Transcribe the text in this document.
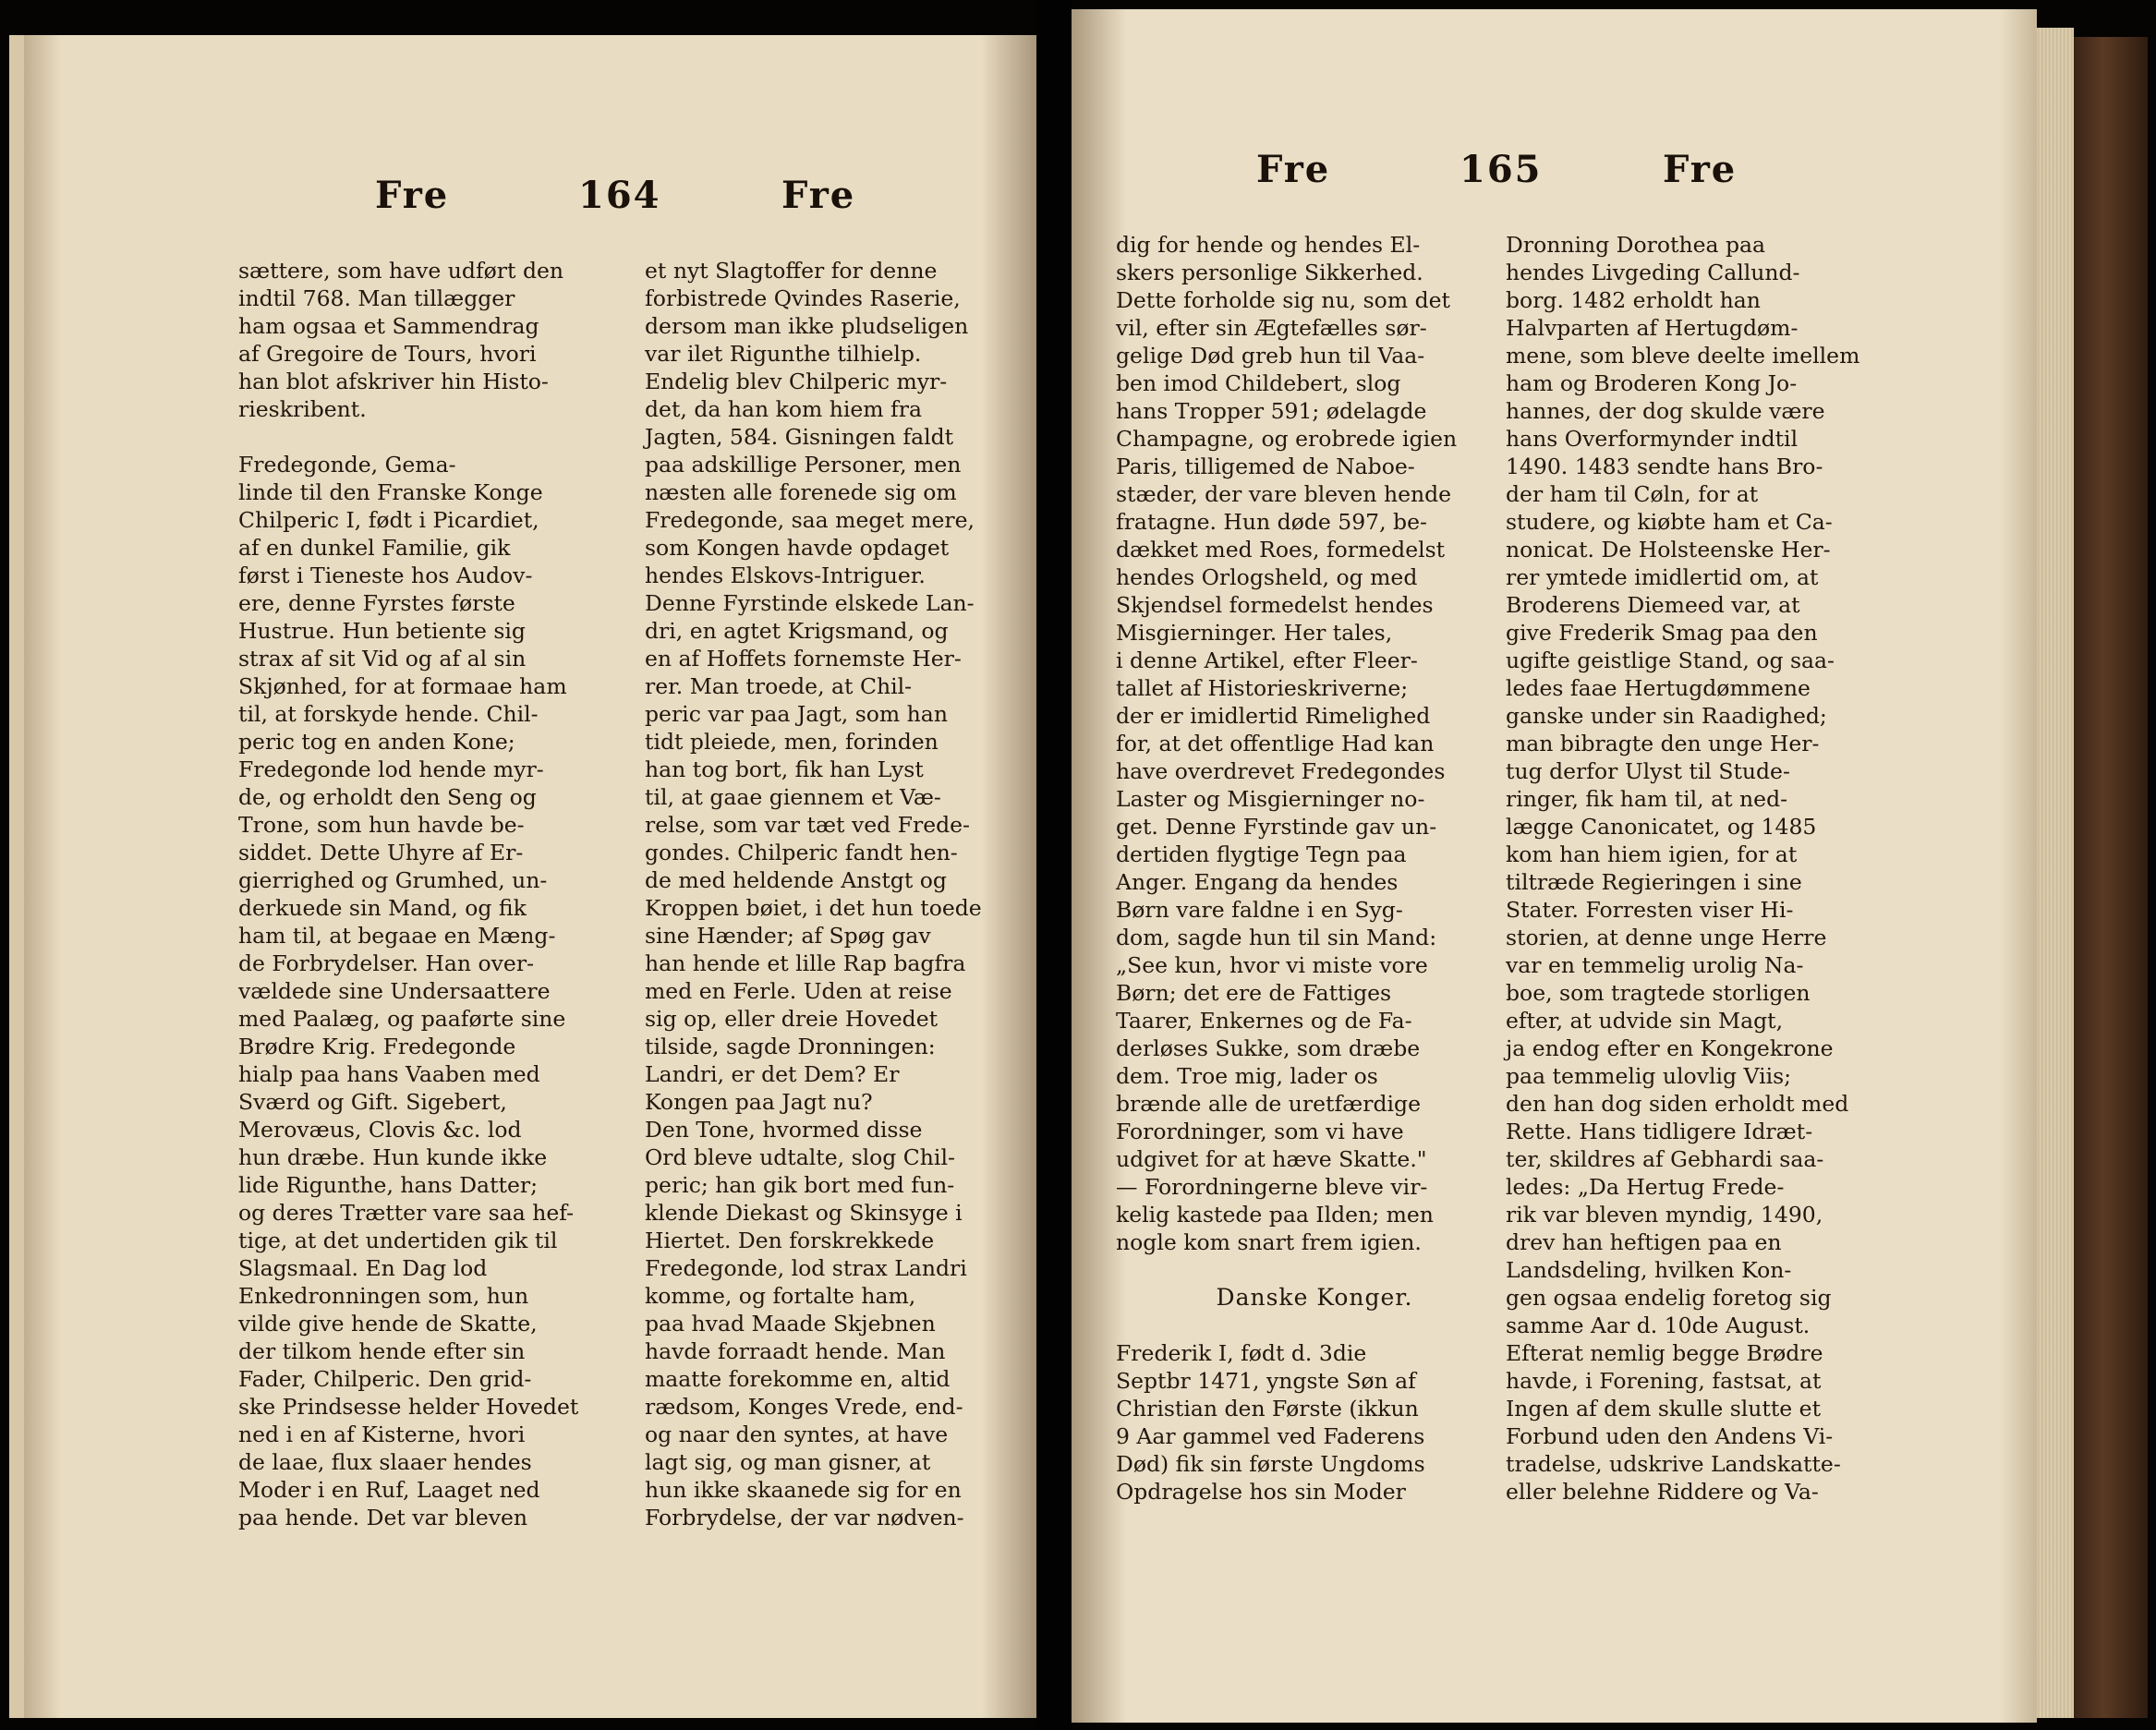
Fre	164	Fre
sættere, som have udført den
indtil 768. Man tillægger
ham ogsaa et Sammendrag
af Gregoire de Tours, hvori
han blot afskriver hin Histo-
rieskribent.
Fredegonde, Gema-
linde til den Franske Konge
Chilperic I, født i Picardiet,
af en dunkel Familie, gik
først i Tieneste hos Audov-
ere, denne Fyrstes første
Hustrue. Hun betiente sig
strax af sit Vid og af al sin
Skjønhed, for at formaae ham
til, at forskyde hende. Chil-
peric tog en anden Kone;
Fredegonde lod hende myr-
de, og erholdt den Seng og
Trone, som hun havde be-
siddet. Dette Uhyre af Er-
gierrighed og Grumhed, un-
derkuede sin Mand, og fik
ham til, at begaae en Mæng-
de Forbrydelser. Han over-
vældede sine Undersaattere
med Paalæg, og paaførte sine
Brødre Krig. Fredegonde
hialp paa hans Vaaben med
Sværd og Gift. Sigebert,
Merovæus, Clovis &c. lod
hun dræbe. Hun kunde ikke
lide Rigunthe, hans Datter;
og deres Trætter vare saa hef-
tige, at det undertiden gik til
Slagsmaal. En Dag lod
Enkedronningen som, hun
vilde give hende de Skatte,
der tilkom hende efter sin
Fader, Chilperic. Den grid-
ske Prindsesse helder Hovedet
ned i en af Kisterne, hvori
de laae, flux slaaer hendes
Moder i en Ruf, Laaget ned
paa hende. Det var bleven
et nyt Slagtoffer for denne
forbistrede Qvindes Raserie,
dersom man ikke pludseligen
var ilet Rigunthe tilhielp.
Endelig blev Chilperic myr-
det, da han kom hiem fra
Jagten, 584. Gisningen faldt
paa adskillige Personer, men
næsten alle forenede sig om
Fredegonde, saa meget mere,
som Kongen havde opdaget
hendes Elskovs-Intriguer.
Denne Fyrstinde elskede Lan-
dri, en agtet Krigsmand, og
en af Hoffets fornemste Her-
rer. Man troede, at Chil-
peric var paa Jagt, som han
tidt pleiede, men, forinden
han tog bort, fik han Lyst
til, at gaae giennem et Væ-
relse, som var tæt ved Frede-
gondes. Chilperic fandt hen-
de med heldende Anstgt og
Kroppen bøiet, i det hun toede
sine Hænder; af Spøg gav
han hende et lille Rap bagfra
med en Ferle. Uden at reise
sig op, eller dreie Hovedet
tilside, sagde Dronningen:
Landri, er det Dem? Er
Kongen paa Jagt nu?
Den Tone, hvormed disse
Ord bleve udtalte, slog Chil-
peric; han gik bort med fun-
klende Diekast og Skinsyge i
Hiertet. Den forskrekkede
Fredegonde, lod strax Landri
komme, og fortalte ham,
paa hvad Maade Skjebnen
havde forraadt hende. Man
maatte forekomme en, altid
rædsom, Konges Vrede, end-
og naar den syntes, at have
lagt sig, og man gisner, at
hun ikke skaanede sig for en
Forbrydelse, der var nødven-
Fre	165	Fre
dig for hende og hendes El-
skers personlige Sikkerhed.
Dette forholde sig nu, som det
vil, efter sin Ægtefælles sør-
gelige Død greb hun til Vaa-
ben imod Childebert, slog
hans Tropper 591; ødelagde
Champagne, og erobrede igien
Paris, tilligemed de Naboe-
stæder, der vare bleven hende
fratagne. Hun døde 597, be-
dækket med Roes, formedelst
hendes Orlogsheld, og med
Skjendsel formedelst hendes
Misgierninger. Her tales,
i denne Artikel, efter Fleer-
tallet af Historieskriverne;
der er imidlertid Rimelighed
for, at det offentlige Had kan
have overdrevet Fredegondes
Laster og Misgierninger no-
get. Denne Fyrstinde gav un-
dertiden flygtige Tegn paa
Anger. Engang da hendes
Børn vare faldne i en Syg-
dom, sagde hun til sin Mand:
„See kun, hvor vi miste vore
Børn; det ere de Fattiges
Taarer, Enkernes og de Fa-
derløses Sukke, som dræbe
dem. Troe mig, lader os
brænde alle de uretfærdige
Forordninger, som vi have
udgivet for at hæve Skatte."
— Forordningerne bleve vir-
kelig kastede paa Ilden; men
nogle kom snart frem igien.
Danske Konger.
Frederik I, født d. 3die
Septbr 1471, yngste Søn af
Christian den Første (ikkun
9 Aar gammel ved Faderens
Død) fik sin første Ungdoms
Opdragelse hos sin Moder
Dronning Dorothea paa
hendes Livgeding Callund-
borg. 1482 erholdt han
Halvparten af Hertugdøm-
mene, som bleve deelte imellem
ham og Broderen Kong Jo-
hannes, der dog skulde være
hans Overformynder indtil
1490. 1483 sendte hans Bro-
der ham til Cøln, for at
studere, og kiøbte ham et Ca-
nonicat. De Holsteenske Her-
rer ymtede imidlertid om, at
Broderens Diemeed var, at
give Frederik Smag paa den
ugifte geistlige Stand, og saa-
ledes faae Hertugdømmene
ganske under sin Raadighed;
man bibragte den unge Her-
tug derfor Ulyst til Stude-
ringer, fik ham til, at ned-
lægge Canonicatet, og 1485
kom han hiem igien, for at
tiltræde Regieringen i sine
Stater. Forresten viser Hi-
storien, at denne unge Herre
var en temmelig urolig Na-
boe, som tragtede storligen
efter, at udvide sin Magt,
ja endog efter en Kongekrone
paa temmelig ulovlig Viis;
den han dog siden erholdt med
Rette. Hans tidligere Idræt-
ter, skildres af Gebhardi saa-
ledes: „Da Hertug Frede-
rik var bleven myndig, 1490,
drev han heftigen paa en
Landsdeling, hvilken Kon-
gen ogsaa endelig foretog sig
samme Aar d. 10de August.
Efterat nemlig begge Brødre
havde, i Forening, fastsat, at
Ingen af dem skulle slutte et
Forbund uden den Andens Vi-
tradelse, udskrive Landskatte-
eller belehne Riddere og Va-
